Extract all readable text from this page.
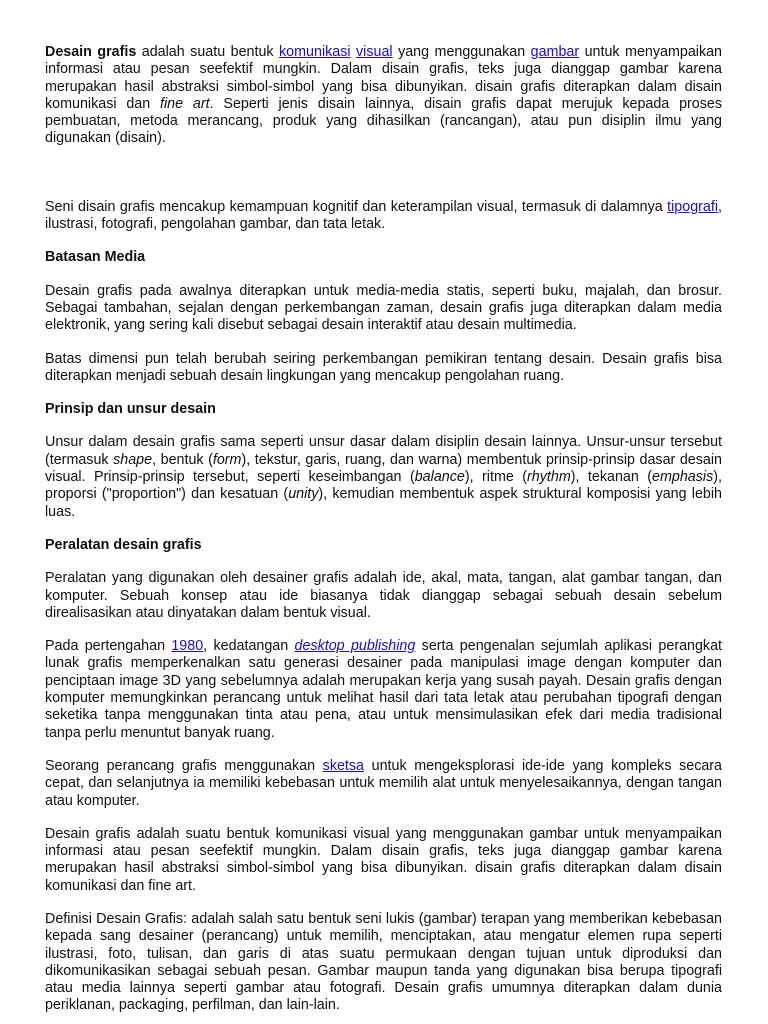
Desain grafis adalah suatu bentuk komunikasi visual yang menggunakan gambar untuk menyampaikan informasi atau pesan seefektif mungkin. Dalam disain grafis, teks juga dianggap gambar karena merupakan hasil abstraksi simbol-simbol yang bisa dibunyikan. disain grafis diterapkan dalam disain komunikasi dan fine art. Seperti jenis disain lainnya, disain grafis dapat merujuk kepada proses pembuatan, metoda merancang, produk yang dihasilkan (rancangan), atau pun disiplin ilmu yang digunakan (disain).

Seni disain grafis mencakup kemampuan kognitif dan keterampilan visual, termasuk di dalamnya tipografi, ilustrasi, fotografi, pengolahan gambar, dan tata letak.

Batasan Media

Desain grafis pada awalnya diterapkan untuk media-media statis, seperti buku, majalah, dan brosur. Sebagai tambahan, sejalan dengan perkembangan zaman, desain grafis juga diterapkan dalam media elektronik, yang sering kali disebut sebagai desain interaktif atau desain multimedia.

Batas dimensi pun telah berubah seiring perkembangan pemikiran tentang desain. Desain grafis bisa diterapkan menjadi sebuah desain lingkungan yang mencakup pengolahan ruang.

Prinsip dan unsur desain

Unsur dalam desain grafis sama seperti unsur dasar dalam disiplin desain lainnya. Unsur-unsur tersebut (termasuk shape, bentuk (form), tekstur, garis, ruang, dan warna) membentuk prinsip-prinsip dasar desain visual. Prinsip-prinsip tersebut, seperti keseimbangan (balance), ritme (rhythm), tekanan (emphasis), proporsi ("proportion") dan kesatuan (unity), kemudian membentuk aspek struktural komposisi yang lebih luas.

Peralatan desain grafis

Peralatan yang digunakan oleh desainer grafis adalah ide, akal, mata, tangan, alat gambar tangan, dan komputer. Sebuah konsep atau ide biasanya tidak dianggap sebagai sebuah desain sebelum direalisasikan atau dinyatakan dalam bentuk visual.

Pada pertengahan 1980, kedatangan desktop publishing serta pengenalan sejumlah aplikasi perangkat lunak grafis memperkenalkan satu generasi desainer pada manipulasi image dengan komputer dan penciptaan image 3D yang sebelumnya adalah merupakan kerja yang susah payah. Desain grafis dengan komputer memungkinkan perancang untuk melihat hasil dari tata letak atau perubahan tipografi dengan seketika tanpa menggunakan tinta atau pena, atau untuk mensimulasikan efek dari media tradisional tanpa perlu menuntut banyak ruang.

Seorang perancang grafis menggunakan sketsa untuk mengeksplorasi ide-ide yang kompleks secara cepat, dan selanjutnya ia memiliki kebebasan untuk memilih alat untuk menyelesaikannya, dengan tangan atau komputer.

Desain grafis adalah suatu bentuk komunikasi visual yang menggunakan gambar untuk menyampaikan informasi atau pesan seefektif mungkin. Dalam disain grafis, teks juga dianggap gambar karena merupakan hasil abstraksi simbol-simbol yang bisa dibunyikan. disain grafis diterapkan dalam disain komunikasi dan fine art.

Definisi Desain Grafis: adalah salah satu bentuk seni lukis (gambar) terapan yang memberikan kebebasan kepada sang desainer (perancang) untuk memilih, menciptakan, atau mengatur elemen rupa seperti ilustrasi, foto, tulisan, dan garis di atas suatu permukaan dengan tujuan untuk diproduksi dan dikomunikasikan sebagai sebuah pesan. Gambar maupun tanda yang digunakan bisa berupa tipografi atau media lainnya seperti gambar atau fotografi. Desain grafis umumnya diterapkan dalam dunia periklanan, packaging, perfilman, dan lain-lain.
